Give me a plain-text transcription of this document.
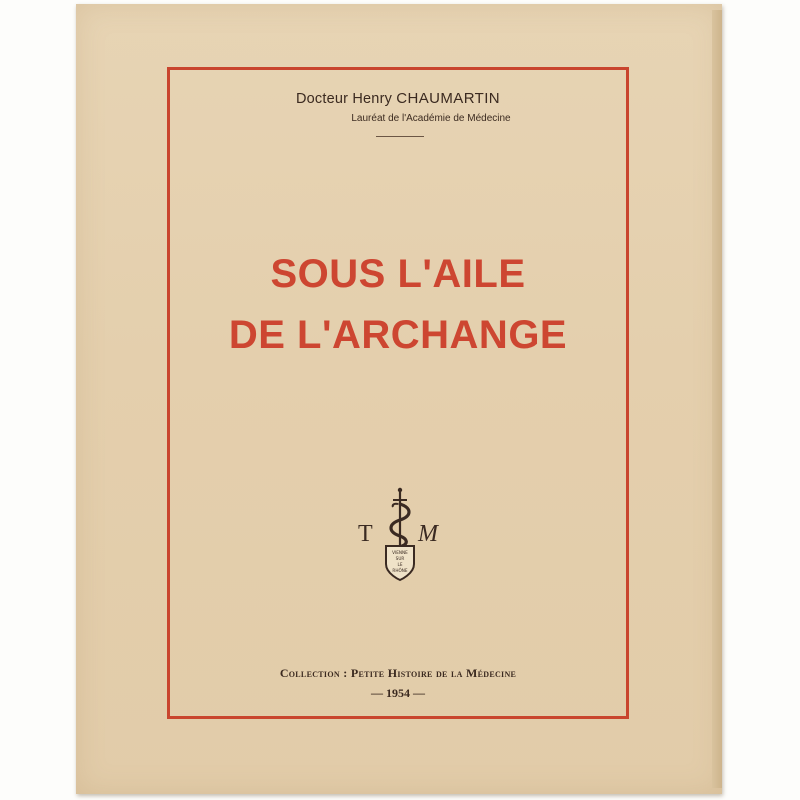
Docteur Henry CHAUMARTIN
Lauréat de l'Académie de Médecine
SOUS L'AILE
DE L'ARCHANGE
VIENNE
SUR
LE
RHÔNE
T M
Collection : Petite Histoire de la Médecine
— 1954 —
